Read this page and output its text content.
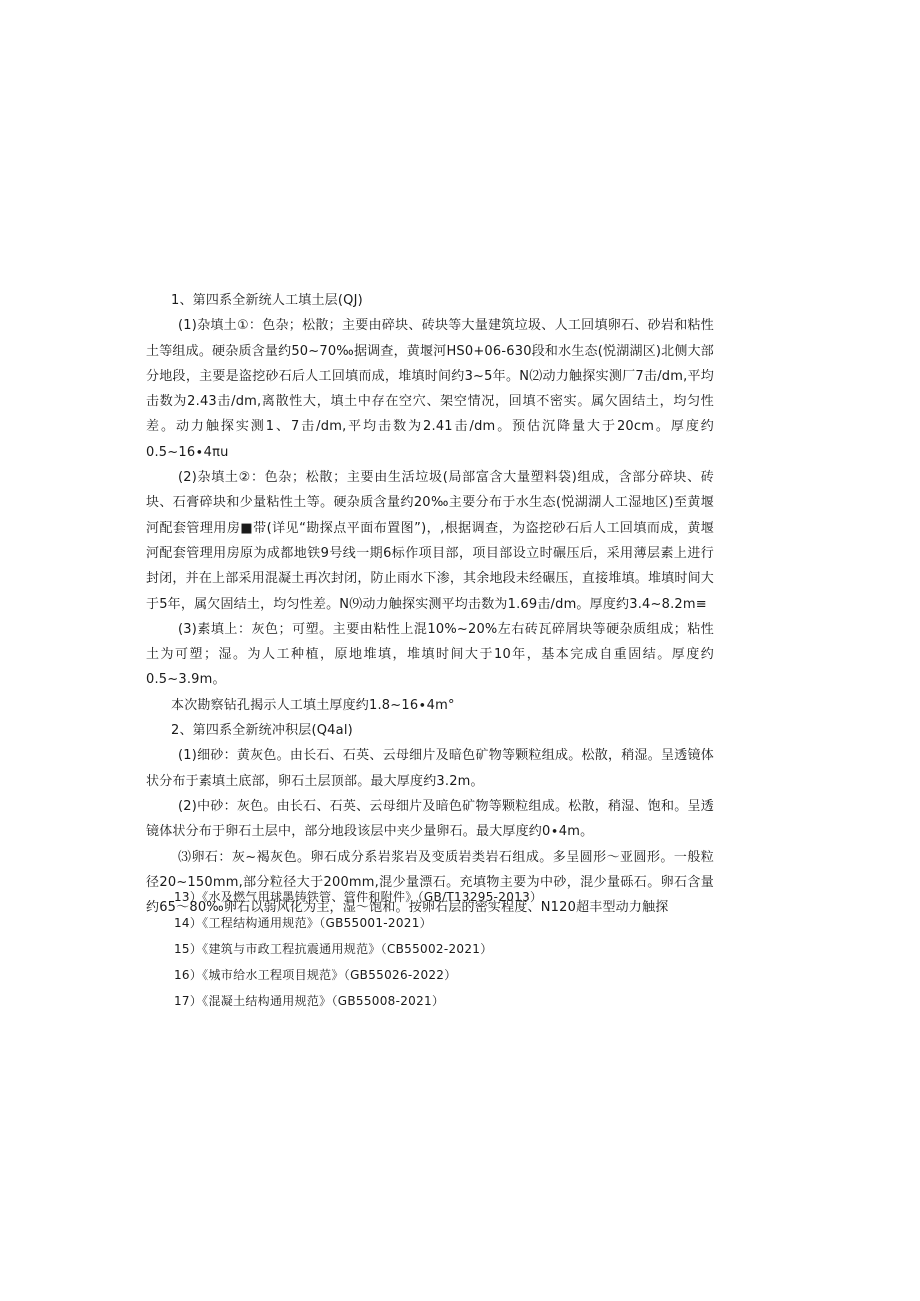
1、第四系全新统人工填土层(QJ)

(1)杂填土①：色杂；松散；主要由碎块、砖块等大量建筑垃圾、人工回填卵石、砂岩和粘性土等组成。硬杂质含量约50~70‰据调查，黄堰河HS0+06-630段和水生态(悦湖湖区)北侧大部分地段，主要是盗挖砂石后人工回填而成，堆填时间约3~5年。N⑵动力触探实测厂7击/dm,平均击数为2.43击/dm,离散性大，填土中存在空穴、架空情况，回填不密实。属欠固结土，均匀性差。动力触探实测1、7击/dm,平均击数为2.41击/dm。预估沉降量大于20cm。厚度约0.5~16∙4πu

(2)杂填土②：色杂；松散；主要由生活垃圾(局部富含大量塑料袋)组成，含部分碎块、砖块、石膏碎块和少量粘性土等。硬杂质含量约20‰主要分布于水生态(悦湖湖人工湿地区)至黄堰河配套管理用房■带(详见“勘探点平面布置图”)，,根据调查，为盗挖砂石后人工回填而成，黄堰河配套管理用房原为成都地铁9号线一期6标作项目部，项目部设立时碾压后，采用薄层素上进行封闭，并在上部采用混凝土再次封闭，防止雨水下渗，其余地段未经碾压，直接堆填。堆填时间大于5年，属欠固结土，均匀性差。N⑼动力触探实测平均击数为1.69击/dm。厚度约3.4~8.2m≡

(3)素填上：灰色；可塑。主要由粘性上混10%~20%左右砖瓦碎屑块等硬杂质组成；粘性土为可塑；湿。为人工种植，原地堆填，堆填时间大于10年，基本完成自重固结。厚度约0.5~3.9m。

本次勘察钻孔揭示人工填土厚度约1.8~16∙4m°

2、第四系全新统冲积层(Q4al)

(1)细砂：黄灰色。由长石、石英、云母细片及暗色矿物等颗粒组成。松散，稍湿。呈透镜体状分布于素填土底部，卵石土层顶部。最大厚度约3.2m。

(2)中砂：灰色。由长石、石英、云母细片及暗色矿物等颗粒组成。松散，稍湿、饱和。呈透镜体状分布于卵石土层中，部分地段该层中夹少量卵石。最大厚度约0∙4m。

⑶卵石：灰~褐灰色。卵石成分系岩浆岩及变质岩类岩石组成。多呈圆形～亚圆形。一般粒径20~150mm,部分粒径大于200mm,混少量漂石。充填物主要为中砂，混少量砾石。卵石含量约65～80‰卵石以弱风化为主，湿～饱和。按卵石层的密实程度、N120超丰型动力触探

13）《水及燃气用球墨铸铁管、管件和附件》（GB/T13295-2013）

14）《工程结构通用规范》（GB55001-2021）

15）《建筑与市政工程抗震通用规范》（CB55002-2021）

16）《城市给水工程项目规范》（GB55026-2022）

17）《混凝土结构通用规范》（GB55008-2021）
